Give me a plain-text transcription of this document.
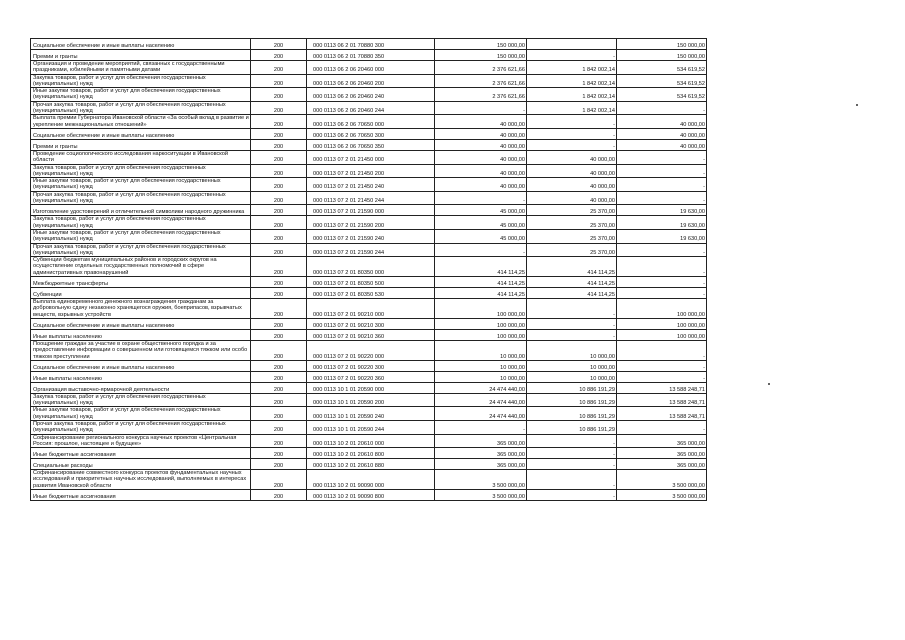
Социальное обеспечение и иные выплаты населению	200	000 0113 06 2 01 70880 300	150 000,00		150 000,00
Премии и гранты	200	000 0113 06 2 01 70880 350	150 000,00	-	150 000,00
Организация и проведение мероприятий, связанных с государственными праздниками, юбилейными и памятными датами	200	000 0113 06 2 06 20460 000	2 376 621,66	1 842 002,14	534 619,52
Закупка товаров, работ и услуг для обеспечения государственных (муниципальных) нужд	200	000 0113 06 2 06 20460 200	2 376 621,66	1 842 002,14	534 619,52
Иные закупки товаров, работ и услуг для обеспечения государственных (муниципальных) нужд	200	000 0113 06 2 06 20460 240	2 376 621,66	1 842 002,14	534 619,52
Прочая закупка товаров, работ и услуг для обеспечения государственных (муниципальных) нужд	200	000 0113 06 2 06 20460 244	-	1 842 002,14	-
Выплата премии Губернатора Ивановской области «За особый вклад в развитие и укрепление межнациональных отношений»	200	000 0113 06 2 06 70650 000	40 000,00	-	40 000,00
Социальное обеспечение и иные выплаты населению	200	000 0113 06 2 06 70650 300	40 000,00	-	40 000,00
Премии и гранты	200	000 0113 06 2 06 70650 350	40 000,00	-	40 000,00
Проведение социологического исследования наркоситуации в Ивановской области	200	000 0113 07 2 01 21450 000	40 000,00	40 000,00	-
Закупка товаров, работ и услуг для обеспечения государственных (муниципальных) нужд	200	000 0113 07 2 01 21450 200	40 000,00	40 000,00	-
Иные закупки товаров, работ и услуг для обеспечения государственных (муниципальных) нужд	200	000 0113 07 2 01 21450 240	40 000,00	40 000,00	-
Прочая закупка товаров, работ и услуг для обеспечения государственных (муниципальных) нужд	200	000 0113 07 2 01 21450 244	-	40 000,00	-
Изготовление удостоверений и отличительной символики народного дружинника	200	000 0113 07 2 01 21590 000	45 000,00	25 370,00	19 630,00
Закупка товаров, работ и услуг для обеспечения государственных (муниципальных) нужд	200	000 0113 07 2 01 21590 200	45 000,00	25 370,00	19 630,00
Иные закупки товаров, работ и услуг для обеспечения государственных (муниципальных) нужд	200	000 0113 07 2 01 21590 240	45 000,00	25 370,00	19 630,00
Прочая закупка товаров, работ и услуг для обеспечения государственных (муниципальных) нужд	200	000 0113 07 2 01 21590 244	-	25 370,00	-
Субвенции бюджетам муниципальных районов и городских округов на осуществление отдельных государственных полномочий в сфере административных правонарушений	200	000 0113 07 2 01 80350 000	414 114,25	414 114,25	-
Межбюджетные трансферты	200	000 0113 07 2 01 80350 500	414 114,25	414 114,25	-
Субвенции	200	000 0113 07 2 01 80350 530	414 114,25	414 114,25	-
Выплата единовременного денежного вознаграждения гражданам за добровольную сдачу незаконно хранящегося оружия, боеприпасов, взрывчатых веществ, взрывных устройств	200	000 0113 07 2 01 90210 000	100 000,00	-	100 000,00
Социальное обеспечение и иные выплаты населению	200	000 0113 07 2 01 90210 300	100 000,00	-	100 000,00
Иные выплаты населению	200	000 0113 07 2 01 90210 360	100 000,00	-	100 000,00
Поощрение граждан за участие в охране общественного порядка и за предоставление информации о совершенном или готовящемся тяжком или особо тяжком преступлении	200	000 0113 07 2 01 90220 000	10 000,00	10 000,00	-
Социальное обеспечение и иные выплаты населению	200	000 0113 07 2 01 90220 300	10 000,00	10 000,00	-
Иные выплаты населению	200	000 0113 07 2 01 90220 360	10 000,00	10 000,00	-
Организация выставочно-ярмарочной деятельности	200	000 0113 10 1 01 20590 000	24 474 440,00	10 886 191,29	13 588 248,71
Закупка товаров, работ и услуг для обеспечения государственных (муниципальных) нужд	200	000 0113 10 1 01 20590 200	24 474 440,00	10 886 191,29	13 588 248,71
Иные закупки товаров, работ и услуг для обеспечения государственных (муниципальных) нужд	200	000 0113 10 1 01 20590 240	24 474 440,00	10 886 191,29	13 588 248,71
Прочая закупка товаров, работ и услуг для обеспечения государственных (муниципальных) нужд	200	000 0113 10 1 01 20590 244	-	10 886 191,29	-
Софинансирование регионального конкурса научных проектов «Центральная Россия: прошлое, настоящее и будущее»	200	000 0113 10 2 01 20610 000	365 000,00	-	365 000,00
Иные бюджетные ассигнования	200	000 0113 10 2 01 20610 800	365 000,00	-	365 000,00
Специальные расходы	200	000 0113 10 2 01 20610 880	365 000,00	-	365 000,00
Софинансирование совместного конкурса проектов фундаментальных научных исследований и приоритетных научных исследований, выполняемых в интересах развития Ивановской области	200	000 0113 10 2 01 90090 000	3 500 000,00	-	3 500 000,00
Иные бюджетные ассигнования	200	000 0113 10 2 01 90090 800	3 500 000,00	-	3 500 000,00
